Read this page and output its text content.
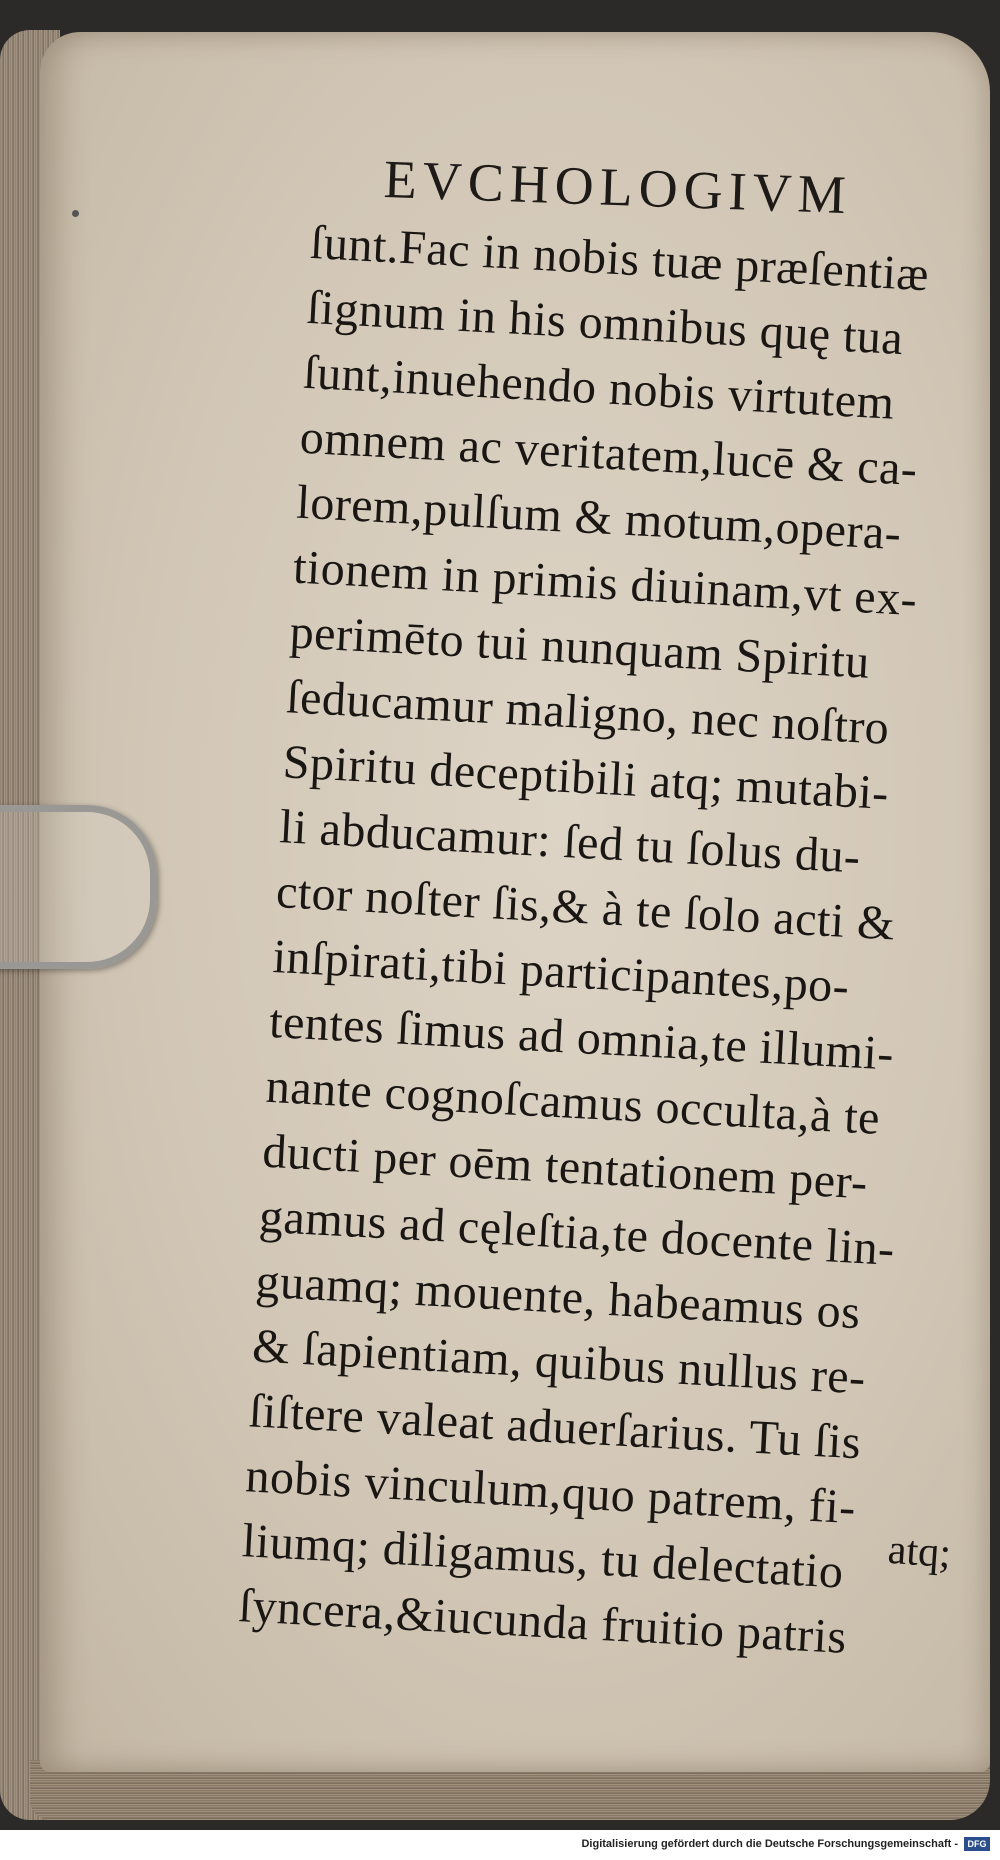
EVCHOLOGIVM
ſunt.Fac in nobis tuæ præſentiæ
ſignum in his omnibus quę tua
ſunt,inuehendo nobis virtutem
omnem ac veritatem,lucē & ca-
lorem,pulſum & motum,opera-
tionem in primis diuinam,vt ex-
perimēto tui nunquam Spiritu
ſeducamur maligno, nec noſtro
Spiritu deceptibili atq; mutabi-
li abducamur: ſed tu ſolus du-
ctor noſter ſis,& à te ſolo acti &
inſpirati,tibi participantes,po-
tentes ſimus ad omnia,te illumi-
nante cognoſcamus occulta,à te
ducti per oēm tentationem per-
gamus ad cęleſtia,te docente lin-
guamq; mouente, habeamus os
& ſapientiam, quibus nullus re-
ſiſtere valeat aduerſarius. Tu ſis
nobis vinculum,quo patrem, fi-
liumq; diligamus, tu delectatio
ſyncera,&iucunda fruitio patris
atq;
Digitalisierung gefördert durch die Deutsche Forschungsgemeinschaft -	DFG
